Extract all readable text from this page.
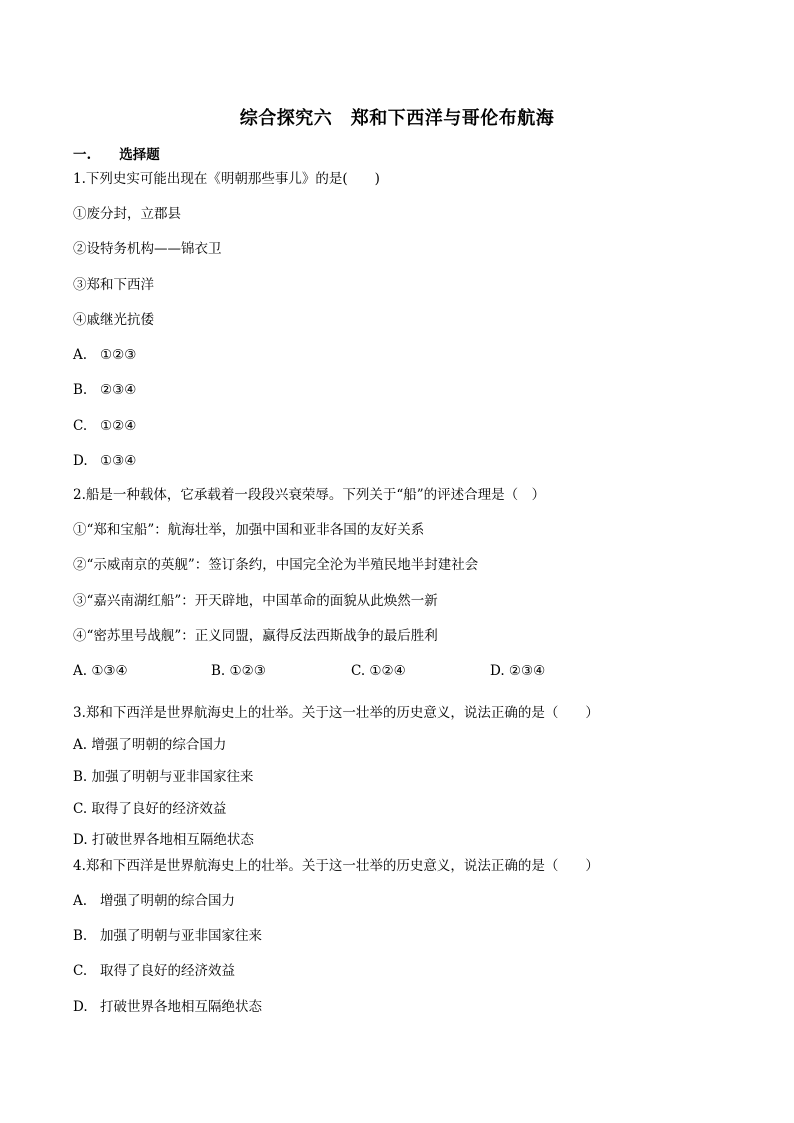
综合探究六　郑和下西洋与哥伦布航海
一. 选择题
1.下列史实可能出现在《明朝那些事儿》的是(　　)
①废分封，立郡县
②设特务机构——锦衣卫
③郑和下西洋
④戚继光抗倭
A. ①②③
B. ②③④
C. ①②④
D. ①③④
2.船是一种载体，它承载着一段段兴衰荣辱。下列关于“船”的评述合理是（　）
①“郑和宝船”：航海壮举，加强中国和亚非各国的友好关系
②“示威南京的英舰”：签订条约，中国完全沦为半殖民地半封建社会
③“嘉兴南湖红船”：开天辟地，中国革命的面貌从此焕然一新
④“密苏里号战舰”：正义同盟，赢得反法西斯战争的最后胜利
A. ①③④	B. ①②③	C. ①②④	D. ②③④
3.郑和下西洋是世界航海史上的壮举。关于这一壮举的历史意义，说法正确的是（　　）
A. 增强了明朝的综合国力
B. 加强了明朝与亚非国家往来
C. 取得了良好的经济效益
D. 打破世界各地相互隔绝状态
4.郑和下西洋是世界航海史上的壮举。关于这一壮举的历史意义，说法正确的是（　　）
A. 增强了明朝的综合国力
B. 加强了明朝与亚非国家往来
C. 取得了良好的经济效益
D. 打破世界各地相互隔绝状态
